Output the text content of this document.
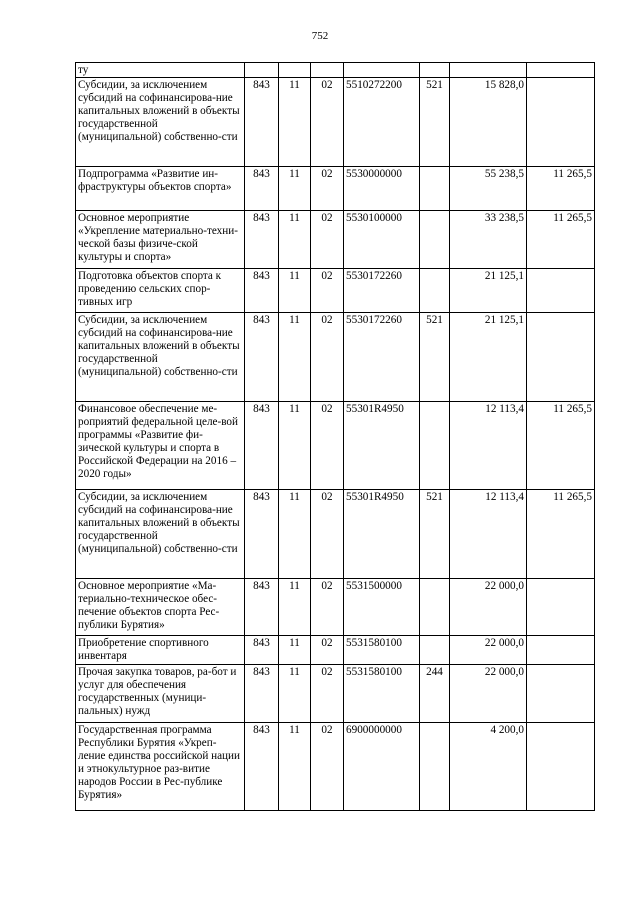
752
ту							
Субсидии, за исключением субсидий на софинансирова-ние капитальных вложений в объекты государственной (муниципальной) собственно-сти	843	11	02	5510272200	521	15 828,0	
Подпрограмма «Развитие ин-фраструктуры объектов спорта»	843	11	02	5530000000		55 238,5	11 265,5
Основное мероприятие «Укрепление материально-техни-ческой базы физиче-ской культуры и спорта»	843	11	02	5530100000		33 238,5	11 265,5
Подготовка объектов спорта к проведению сельских спор-тивных игр	843	11	02	5530172260		21 125,1	
Субсидии, за исключением субсидий на софинансирова-ние капитальных вложений в объекты государственной (муниципальной) собственно-сти	843	11	02	5530172260	521	21 125,1	
Финансовое обеспечение ме-роприятий федеральной целе-вой программы «Развитие фи-зической культуры и спорта в Российской Федерации на 2016 – 2020 годы»	843	11	02	55301R4950		12 113,4	11 265,5
Субсидии, за исключением субсидий на софинансирова-ние капитальных вложений в объекты государственной (муниципальной) собственно-сти	843	11	02	55301R4950	521	12 113,4	11 265,5
Основное мероприятие «Ма-териально-техническое обес-печение объектов спорта Рес-публики Бурятия»	843	11	02	5531500000		22 000,0	
Приобретение спортивного инвентаря	843	11	02	5531580100		22 000,0	
Прочая закупка товаров, ра-бот и услуг для обеспечения государственных (муници-пальных) нужд	843	11	02	5531580100	244	22 000,0	
Государственная программа Республики Бурятия «Укреп-ление единства российской нации и этнокультурное раз-витие народов России в Рес-публике Бурятия»	843	11	02	6900000000		4 200,0	
